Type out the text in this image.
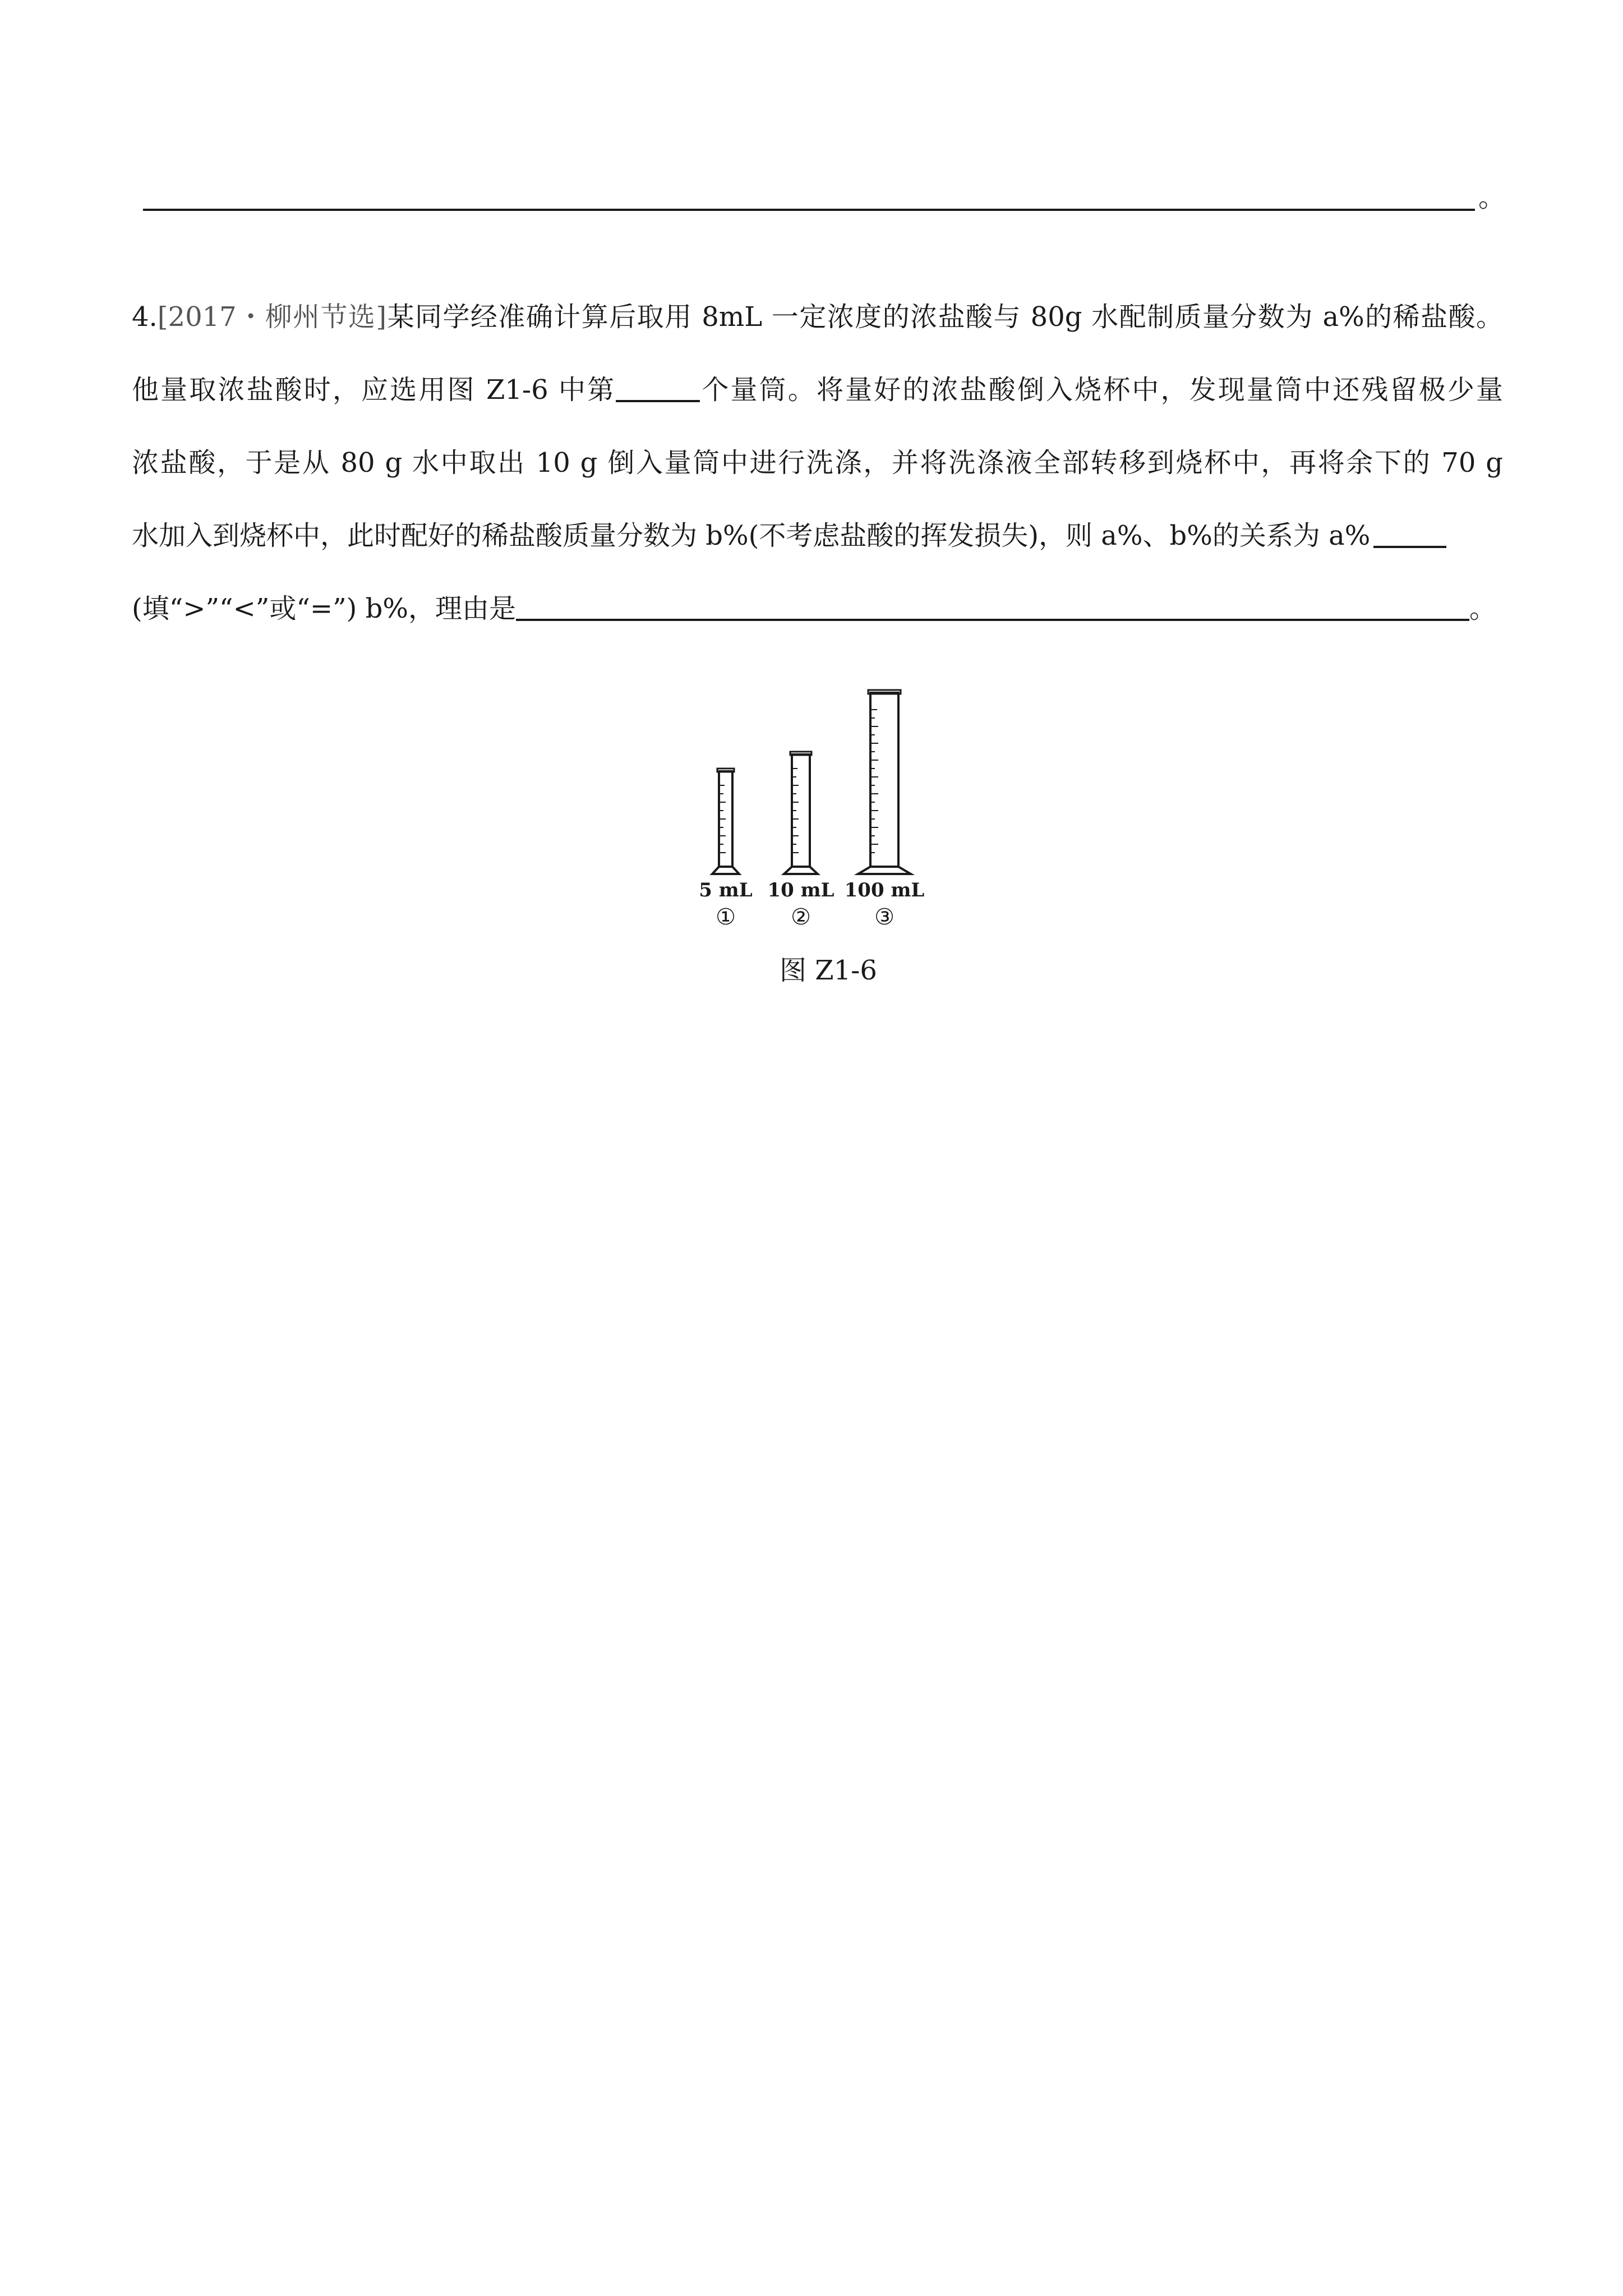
。
4.[2017・柳州节选]某同学经准确计算后取用 8mL 一定浓度的浓盐酸与 80g 水配制质量分数为 a%的稀盐酸。
他量取浓盐酸时，应选用图 Z1-6 中第	个量筒。将量好的浓盐酸倒入烧杯中，发现量筒中还残留极少量
浓盐酸，于是从 80 g 水中取出 10 g 倒入量筒中进行洗涤，并将洗涤液全部转移到烧杯中，再将余下的 70 g
水加入到烧杯中，此时配好的稀盐酸质量分数为 b%(不考虑盐酸的挥发损失)，则 a%、b%的关系为 a%
(填“>”“<”或“=”) b%，理由是	。
5 mL 10 mL 100 mL
① ②	③
图 Z1-6
